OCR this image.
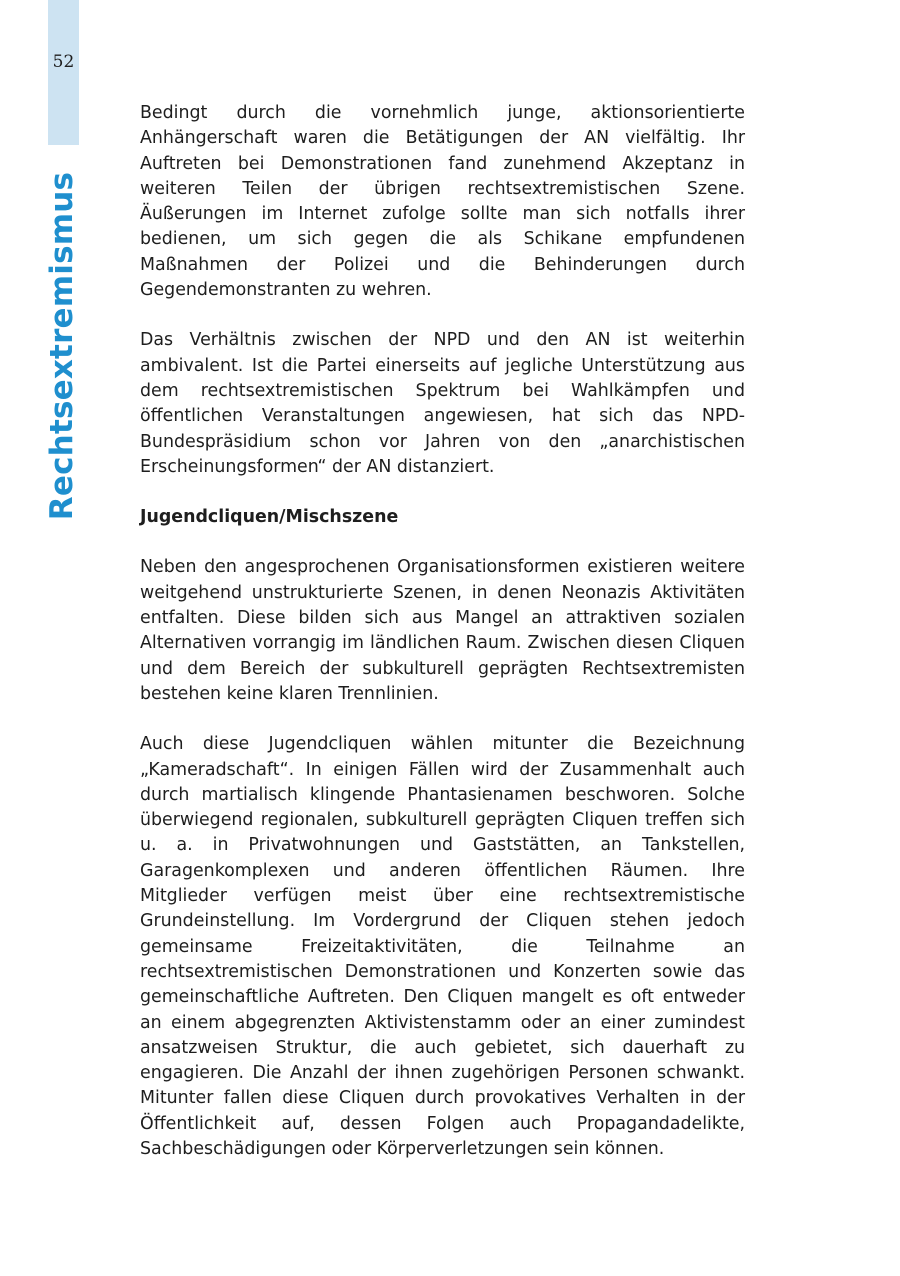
52
Rechtsextremismus

Bedingt durch die vornehmlich junge, aktionsorientierte Anhängerschaft waren die Betätigungen der AN vielfältig. Ihr Auftreten bei Demonstrationen fand zunehmend Akzeptanz in weiteren Teilen der übrigen rechtsextremistischen Szene. Äußerungen im Internet zufolge sollte man sich notfalls ihrer bedienen, um sich gegen die als Schikane empfundenen Maßnahmen der Polizei und die Behinderungen durch Gegendemonstranten zu wehren.

Das Verhältnis zwischen der NPD und den AN ist weiterhin ambivalent. Ist die Partei einerseits auf jegliche Unterstützung aus dem rechtsextremistischen Spektrum bei Wahlkämpfen und öffentlichen Veranstaltungen angewiesen, hat sich das NPD-Bundespräsidium schon vor Jahren von den „anarchistischen Erscheinungsformen“ der AN distanziert.

Jugendcliquen/Mischszene

Neben den angesprochenen Organisationsformen existieren weitere weitgehend unstrukturierte Szenen, in denen Neonazis Aktivitäten entfalten. Diese bilden sich aus Mangel an attraktiven sozialen Alternativen vorrangig im ländlichen Raum. Zwischen diesen Cliquen und dem Bereich der subkulturell geprägten Rechtsextremisten bestehen keine klaren Trennlinien.

Auch diese Jugendcliquen wählen mitunter die Bezeichnung „Kameradschaft“. In einigen Fällen wird der Zusammenhalt auch durch martialisch klingende Phantasienamen beschworen. Solche überwiegend regionalen, subkulturell geprägten Cliquen treffen sich u. a. in Privatwohnungen und Gaststätten, an Tankstellen, Garagenkomplexen und anderen öffentlichen Räumen. Ihre Mitglieder verfügen meist über eine rechtsextremistische Grundeinstellung. Im Vordergrund der Cliquen stehen jedoch gemeinsame Freizeitaktivitäten, die Teilnahme an rechtsextremistischen Demonstrationen und Konzerten sowie das gemeinschaftliche Auftreten. Den Cliquen mangelt es oft entweder an einem abgegrenzten Aktivistenstamm oder an einer zumindest ansatzweisen Struktur, die auch gebietet, sich dauerhaft zu engagieren. Die Anzahl der ihnen zugehörigen Personen schwankt. Mitunter fallen diese Cliquen durch provokatives Verhalten in der Öffentlichkeit auf, dessen Folgen auch Propagandadelikte, Sachbeschädigungen oder Körperverletzungen sein können.
